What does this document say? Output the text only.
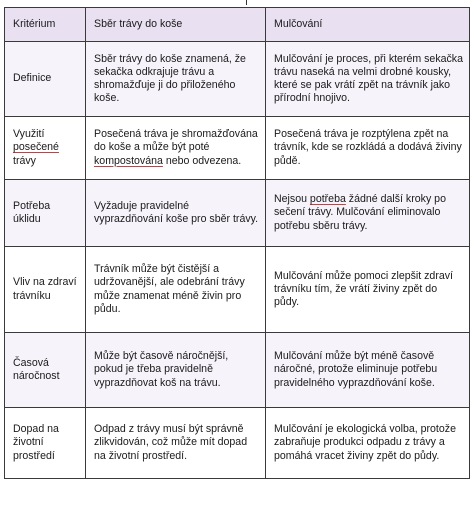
Kritérium	Sběr trávy do koše	Mulčování
Definice	Sběr trávy do koše znamená, že sekačka odkrajuje trávu a shromažďuje ji do přiloženého koše.	Mulčování je proces, při kterém sekačka trávu naseká na velmi drobné kousky, které se pak vrátí zpět na trávník jako přírodní hnojivo.
Využití posečené trávy	Posečená tráva je shromažďována do koše a může být poté kompostována nebo odvezena.	Posečená tráva je rozptýlena zpět na trávník, kde se rozkládá a dodává živiny půdě.
Potřeba úklidu	Vyžaduje pravidelné vyprazdňování koše pro sběr trávy.	Nejsou potřeba žádné další kroky po sečení trávy. Mulčování eliminovalo potřebu sběru trávy.
Vliv na zdraví trávníku	Trávník může být čistější a udržovanější, ale odebrání trávy může znamenat méně živin pro půdu.	Mulčování může pomoci zlepšit zdraví trávníku tím, že vrátí živiny zpět do půdy.
Časová náročnost	Může být časově náročnější, pokud je třeba pravidelně vyprazdňovat koš na trávu.	Mulčování může být méně časově náročné, protože eliminuje potřebu pravidelného vyprazdňování koše.
Dopad na životní prostředí	Odpad z trávy musí být správně zlikvidován, což může mít dopad na životní prostředí.	Mulčování je ekologická volba, protože zabraňuje produkci odpadu z trávy a pomáhá vracet živiny zpět do půdy.
